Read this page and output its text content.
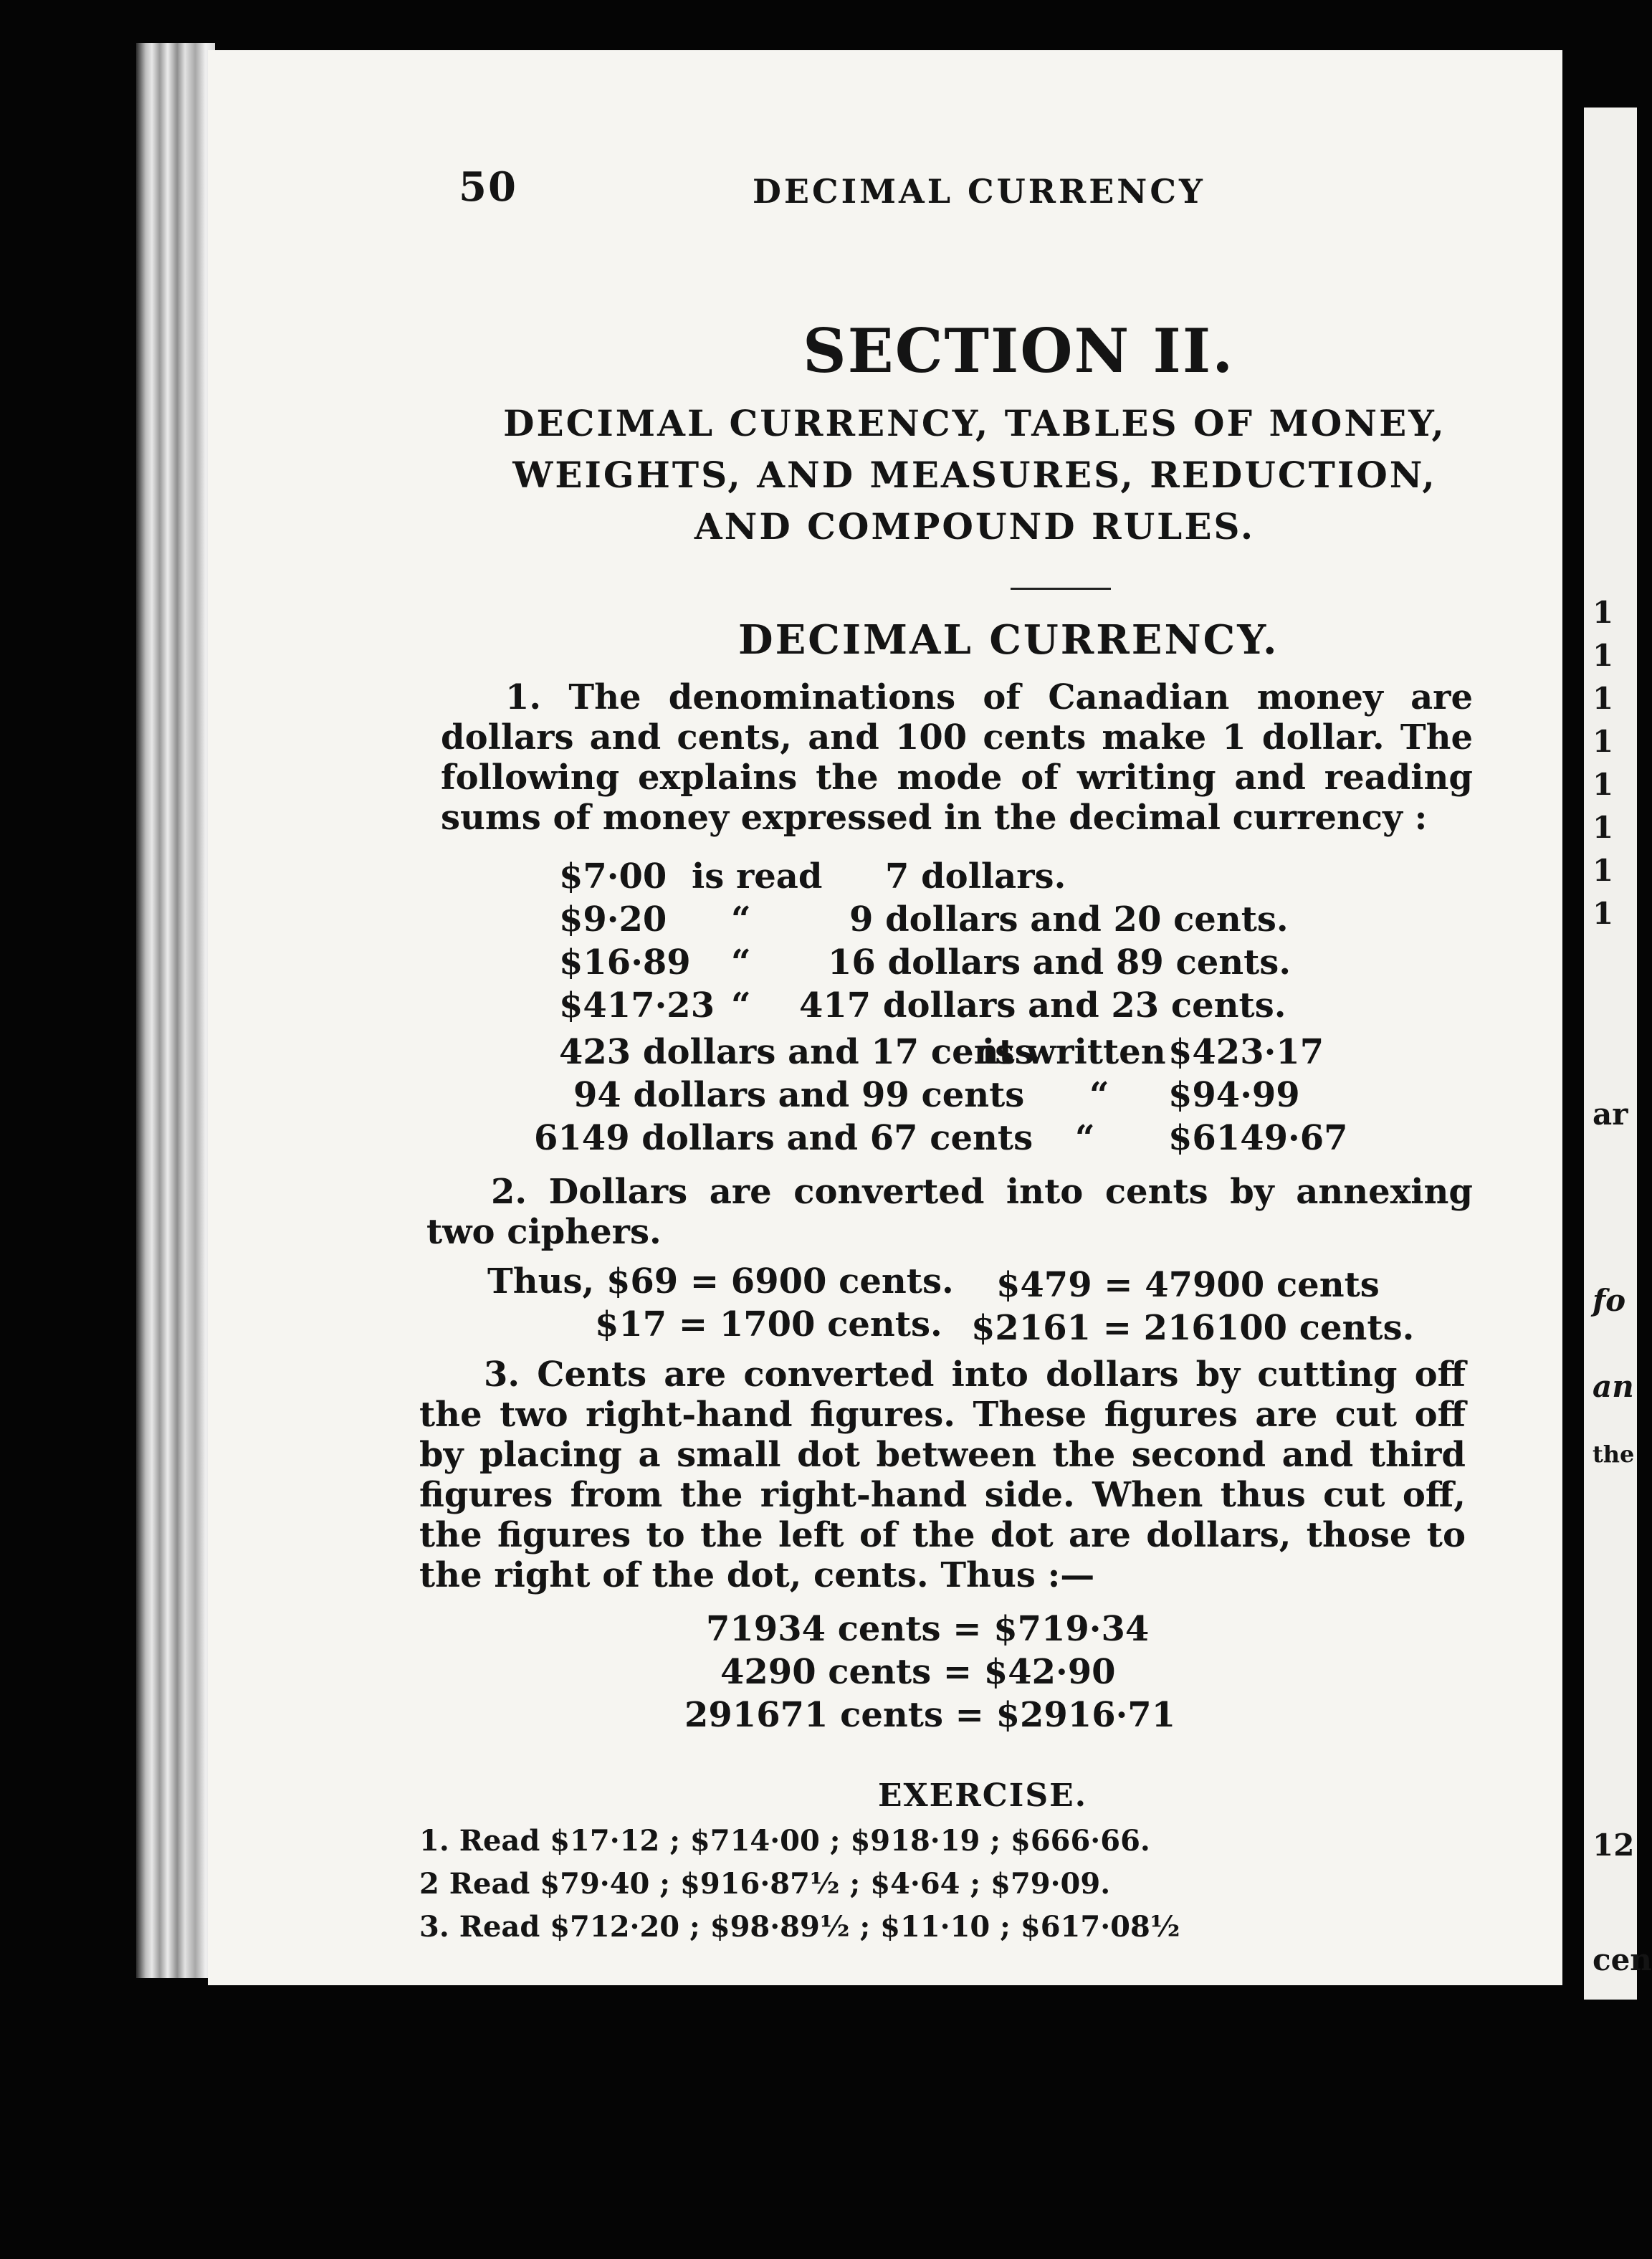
1
1
1
1
1
1
1
1
ar
fo
an
the
12
cen
50	DECIMAL CURRENCY
SECTION II.
DECIMAL CURRENCY, TABLES OF MONEY,
WEIGHTS, AND MEASURES, REDUCTION,
AND COMPOUND RULES.
DECIMAL CURRENCY.
1. The denominations of Canadian money are dollars and cents, and 100 cents make 1 dollar. The following explains the mode of writing and reading sums of money expressed in the decimal currency :
$7·00 is read 7 dollars.
$9·20 “	9 dollars and 20 cents.
$16·89 “ 16 dollars and 89 cents.
$417·23 “ 417 dollars and 23 cents.
423 dollars and 17 cents
is written $423·17
94 dollars and 99 cents “ $94·99
6149 dollars and 67 cents “ $6149·67
2. Dollars are converted into cents by annexing two ciphers.
Thus, $69 = 6900 cents. $479 = 47900 cents
$17 = 1700 cents. $2161 = 216100 cents.
3. Cents are converted into dollars by cutting off the two right-hand figures. These figures are cut off by placing a small dot between the second and third figures from the right-hand side. When thus cut off, the figures to the left of the dot are dollars, those to the right of the dot, cents. Thus :—
71934 cents = $719·34
4290 cents = $42·90
291671 cents = $2916·71
EXERCISE.
1. Read $17·12 ; $714·00 ; $918·19 ; $666·66.
2 Read $79·40 ; $916·87½ ; $4·64 ; $79·09.
3. Read $712·20 ; $98·89½ ; $11·10 ; $617·08½
